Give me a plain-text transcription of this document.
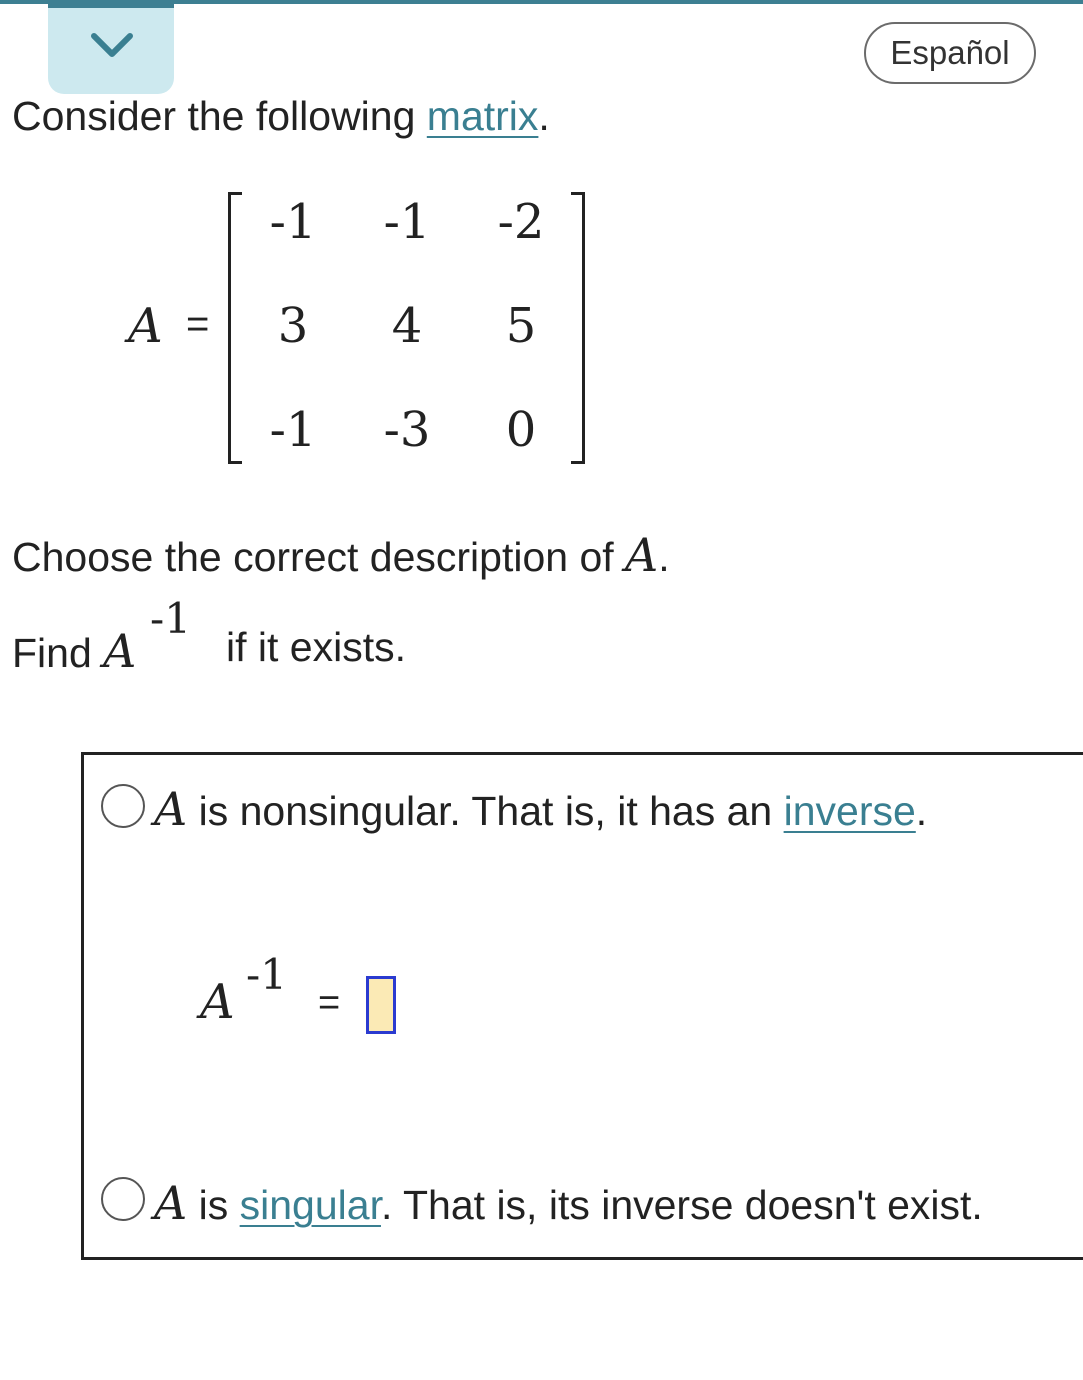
Español
Consider the following matrix.
A =
-1	-1	-2
3	4	5
-1	-3	0
Choose the correct description of A.
Find A
-1
if it exists.
A is nonsingular. That is, it has an inverse.
A -1
=
A is singular. That is, its inverse doesn't exist.
